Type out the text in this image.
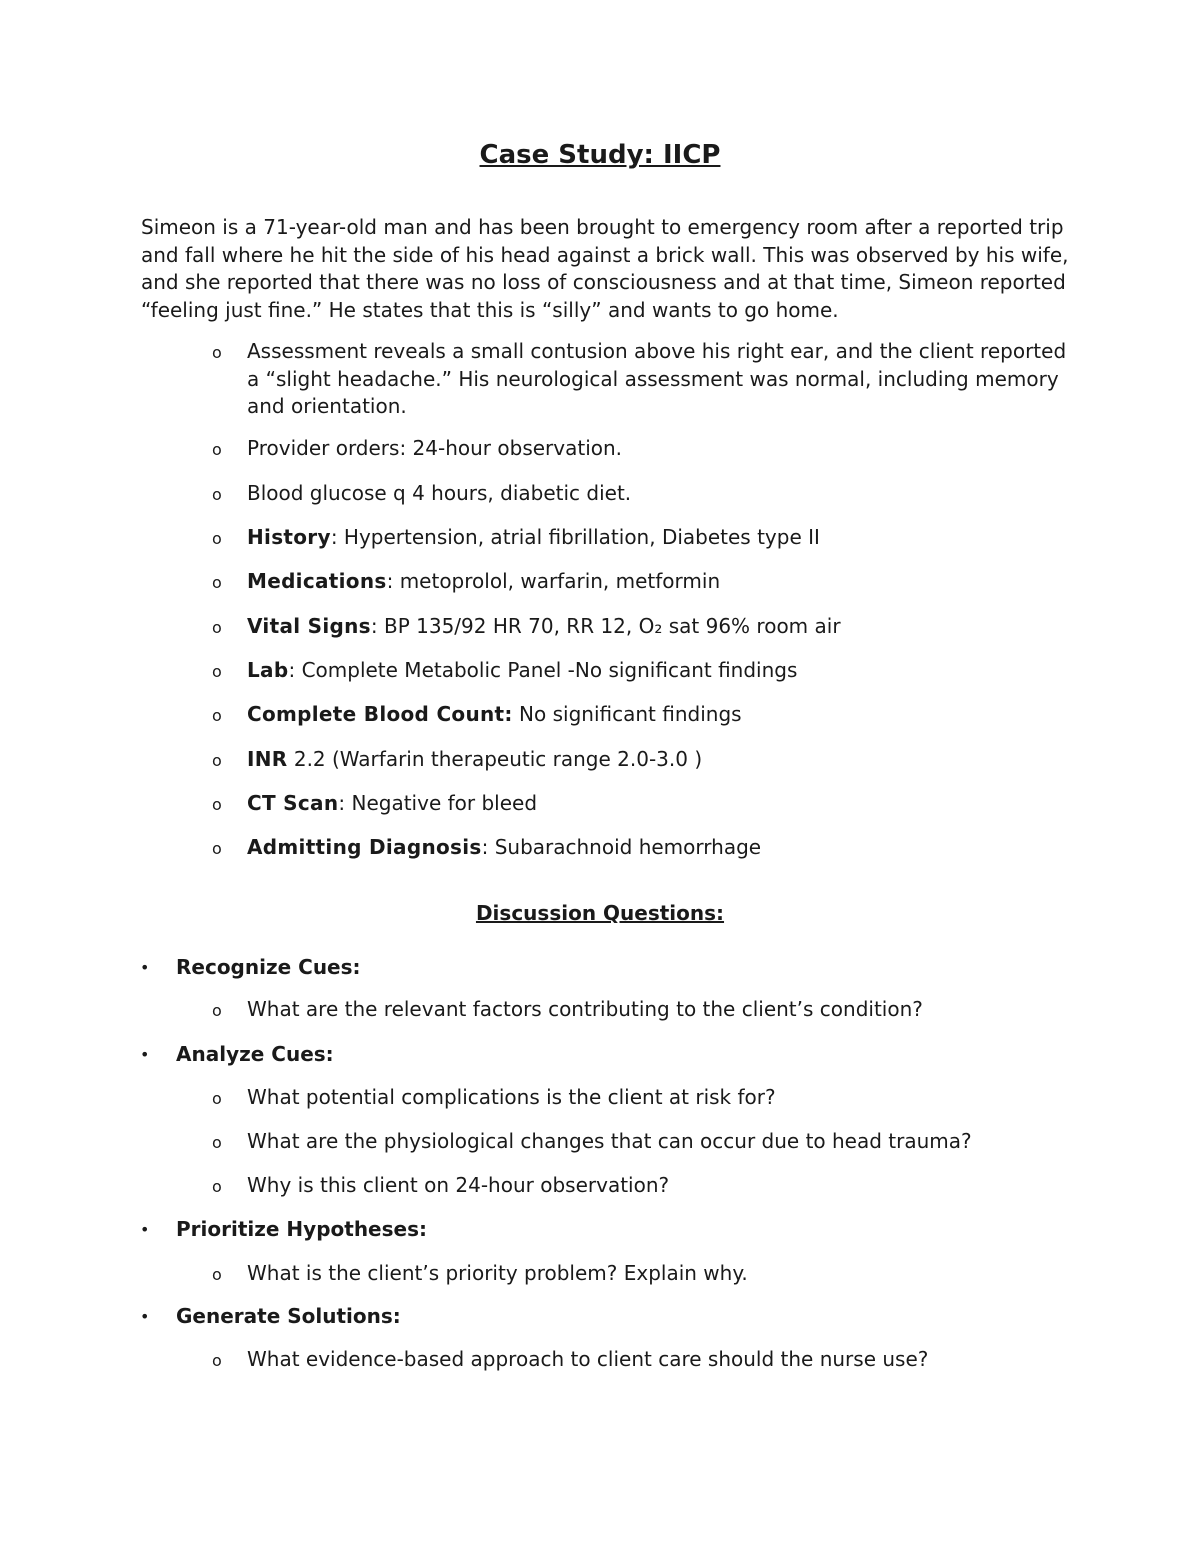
Case Study: IICP

Simeon is a 71-year-old man and has been brought to emergency room after a reported trip and fall where he hit the side of his head against a brick wall. This was observed by his wife, and she reported that there was no loss of consciousness and at that time, Simeon reported “feeling just fine.” He states that this is “silly” and wants to go home.

o Assessment reveals a small contusion above his right ear, and the client reported a “slight headache.” His neurological assessment was normal, including memory and orientation.
o Provider orders: 24-hour observation.
o Blood glucose q 4 hours, diabetic diet.
o History: Hypertension, atrial fibrillation, Diabetes type II
o Medications: metoprolol, warfarin, metformin
o Vital Signs: BP 135/92 HR 70, RR 12, O₂ sat 96% room air
o Lab: Complete Metabolic Panel -No significant findings
o Complete Blood Count: No significant findings
o INR 2.2 (Warfarin therapeutic range 2.0-3.0 )
o CT Scan: Negative for bleed
o Admitting Diagnosis: Subarachnoid hemorrhage
Discussion Questions:
• Recognize Cues:
o What are the relevant factors contributing to the client’s condition?
• Analyze Cues:
o What potential complications is the client at risk for?
o What are the physiological changes that can occur due to head trauma?
o Why is this client on 24-hour observation?
• Prioritize Hypotheses:
o What is the client’s priority problem? Explain why.
• Generate Solutions:
o What evidence-based approach to client care should the nurse use?
